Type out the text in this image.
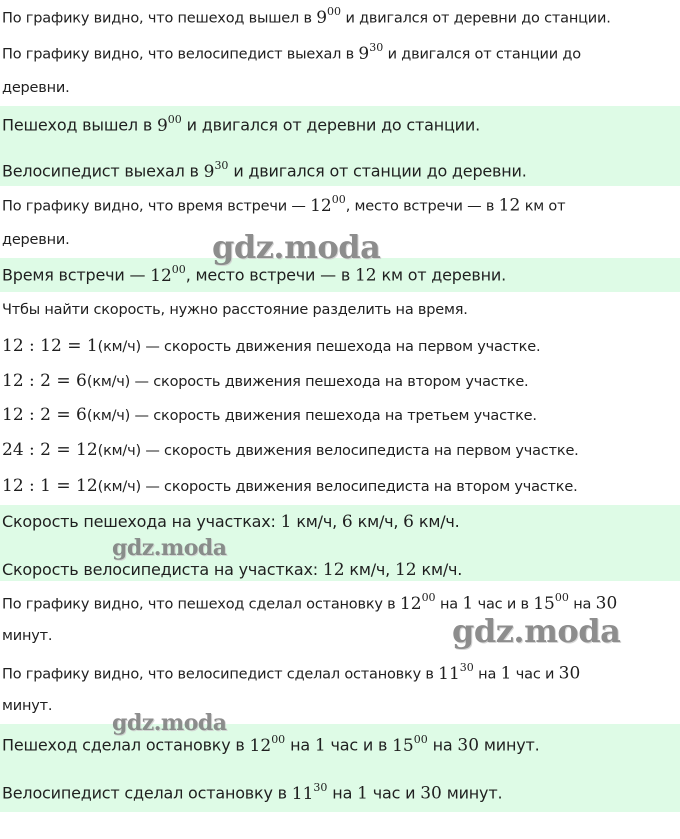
По графику видно, что пешеход вышел в $9^{00}$ и двигался от деревни до станции.
По графику видно, что велосипедист выехал в $9^{30}$ и двигался от станции до
деревни.
Пешеход вышел в $9^{00}$ и двигался от деревни до станции.
Велосипедист выехал в $9^{30}$ и двигался от станции до деревни.
По графику видно, что время встречи — $12^{00}$, место встречи — в 12 км от
деревни.
Время встречи — $12^{00}$, место встречи — в 12 км от деревни.
Чтбы найти скорость, нужно расстояние разделить на время.
12 : 12 = 1(км/ч) — скорость движения пешехода на первом участке.
12 : 2 = 6(км/ч) — скорость движения пешехода на втором участке.
12 : 2 = 6(км/ч) — скорость движения пешехода на третьем участке.
24 : 2 = 12(км/ч) — скорость движения велосипедиста на первом участке.
12 : 1 = 12(км/ч) — скорость движения велосипедиста на втором участке.
Скорость пешехода на участках: 1 км/ч, 6 км/ч, 6 км/ч.
Скорость велосипедиста на участках: 12 км/ч, 12 км/ч.
По графику видно, что пешеход сделал остановку в $12^{00}$ на 1 час и в $15^{00}$ на 30
минут.
По графику видно, что велосипедист сделал остановку в $11^{30}$ на 1 час и 30
минут.
Пешеход сделал остановку в $12^{00}$ на 1 час и в $15^{00}$ на 30 минут.
Велосипедист сделал остановку в $11^{30}$ на 1 час и 30 минут.
gdz.moda
gdz.moda
gdz.moda
gdz.moda
